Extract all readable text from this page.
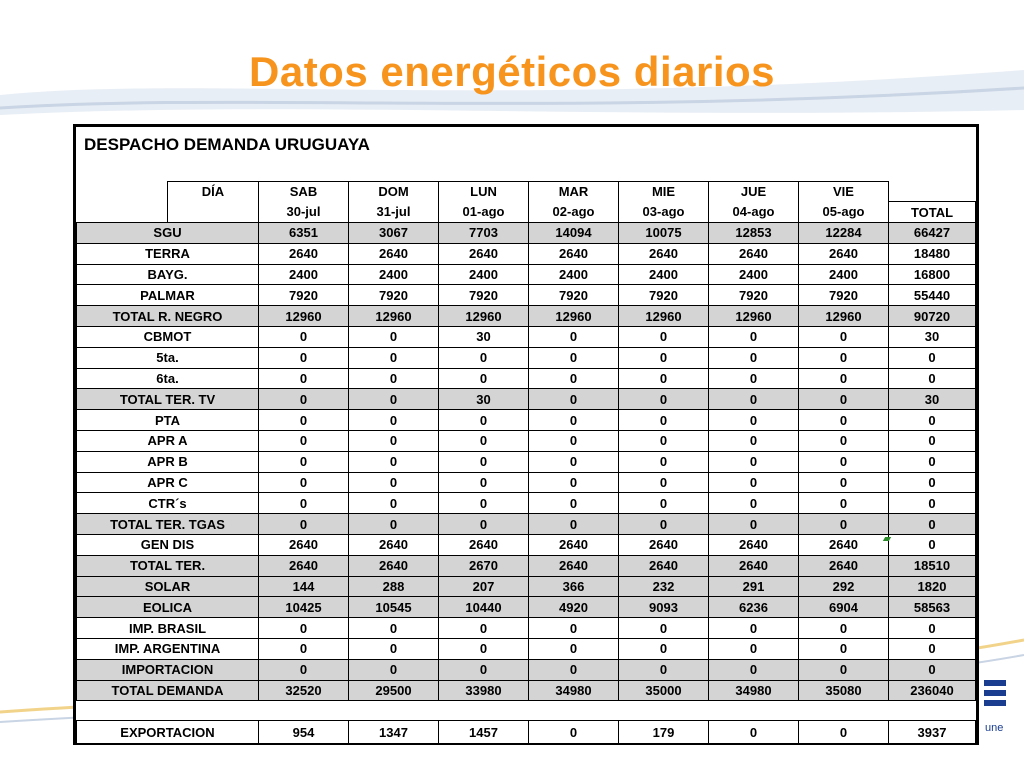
Datos energéticos diarios
DESPACHO DEMANDA URUGUAYA
	DÍA	SAB	DOM	LUN	MAR	MIE	JUE	VIE	
		30-jul	31-jul	01-ago	02-ago	03-ago	04-ago	05-ago	TOTAL
SGU		6351	3067	7703	14094	10075	12853	12284	66427
TERRA		2640	2640	2640	2640	2640	2640	2640	18480
BAYG.		2400	2400	2400	2400	2400	2400	2400	16800
PALMAR		7920	7920	7920	7920	7920	7920	7920	55440
TOTAL R. NEGRO		12960	12960	12960	12960	12960	12960	12960	90720
CBMOT		0	0	30	0	0	0	0	30
5ta.		0	0	0	0	0	0	0	0
6ta.		0	0	0	0	0	0	0	0
TOTAL TER. TV		0	0	30	0	0	0	0	30
PTA		0	0	0	0	0	0	0	0
APR A		0	0	0	0	0	0	0	0
APR B		0	0	0	0	0	0	0	0
APR C		0	0	0	0	0	0	0	0
CTR´s		0	0	0	0	0	0	0	0
TOTAL TER. TGAS		0	0	0	0	0	0	0	0
GEN DIS		2640	2640	2640	2640	2640	2640	2640	0
TOTAL TER.		2640	2640	2670	2640	2640	2640	2640	18510
SOLAR		144	288	207	366	232	291	292	1820
EOLICA		10425	10545	10440	4920	9093	6236	6904	58563
IMP. BRASIL		0	0	0	0	0	0	0	0
IMP. ARGENTINA		0	0	0	0	0	0	0	0
IMPORTACION		0	0	0	0	0	0	0	0
TOTAL DEMANDA		32520	29500	33980	34980	35000	34980	35080	236040
EXPORTACION	954	1347	1457	0	179	0	0	3937	une
